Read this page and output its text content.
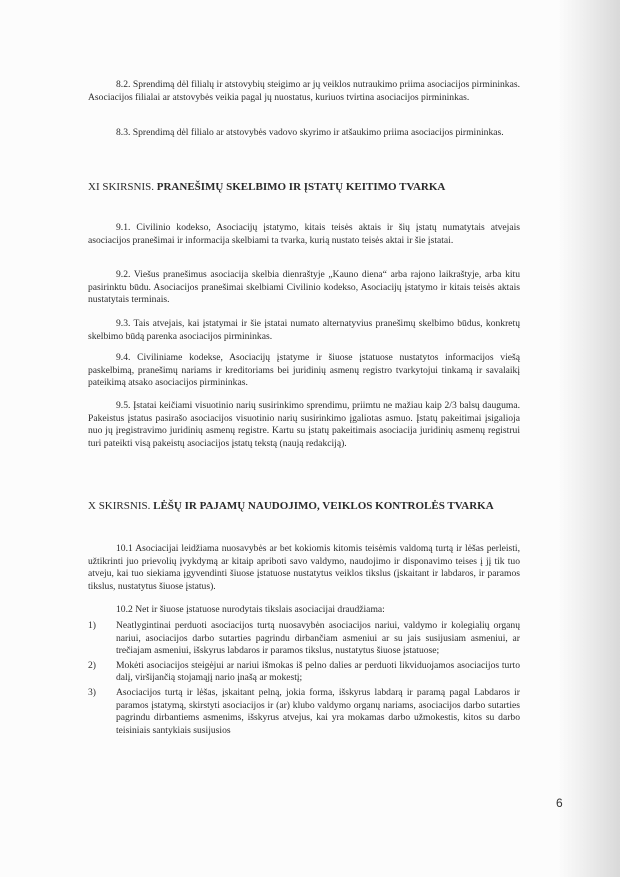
8.2. Sprendimą dėl filialų ir atstovybių steigimo ar jų veiklos nutraukimo priima asociacijos pirmininkas. Asociacijos filialai ar atstovybės veikia pagal jų nuostatus, kuriuos tvirtina asociacijos pirmininkas.

8.3. Sprendimą dėl filialo ar atstovybės vadovo skyrimo ir atšaukimo priima asociacijos pirmininkas.

XI SKIRSNIS. PRANEŠIMŲ SKELBIMO IR ĮSTATŲ KEITIMO TVARKA

9.1. Civilinio kodekso, Asociacijų įstatymo, kitais teisės aktais ir šių įstatų numatytais atvejais asociacijos pranešimai ir informacija skelbiami ta tvarka, kurią nustato teisės aktai ir šie įstatai.

9.2. Viešus pranešimus asociacija skelbia dienraštyje „Kauno diena“ arba rajono laikraštyje, arba kitu pasirinktu būdu. Asociacijos pranešimai skelbiami Civilinio kodekso, Asociacijų įstatymo ir kitais teisės aktais nustatytais terminais.

9.3. Tais atvejais, kai įstatymai ir šie įstatai numato alternatyvius pranešimų skelbimo būdus, konkretų skelbimo būdą parenka asociacijos pirmininkas.

9.4. Civiliniame kodekse, Asociacijų įstatyme ir šiuose įstatuose nustatytos informacijos viešą paskelbimą, pranešimų nariams ir kreditoriams bei juridinių asmenų registro tvarkytojui tinkamą ir savalaikį pateikimą atsako asociacijos pirmininkas.

9.5. Įstatai keičiami visuotinio narių susirinkimo sprendimu, priimtu ne mažiau kaip 2/3 balsų dauguma. Pakeistus įstatus pasirašo asociacijos visuotinio narių susirinkimo įgaliotas asmuo. Įstatų pakeitimai įsigalioja nuo jų įregistravimo juridinių asmenų registre. Kartu su įstatų pakeitimais asociacija juridinių asmenų registrui turi pateikti visą pakeistų asociacijos įstatų tekstą (naują redakciją).

X SKIRSNIS. LĖŠŲ IR PAJAMŲ NAUDOJIMO, VEIKLOS KONTROLĖS TVARKA

10.1 Asociacijai leidžiama nuosavybės ar bet kokiomis kitomis teisėmis valdomą turtą ir lėšas perleisti, užtikrinti juo prievolių įvykdymą ar kitaip apriboti savo valdymo, naudojimo ir disponavimo teises į jį tik tuo atveju, kai tuo siekiama įgyvendinti šiuose įstatuose nustatytus veiklos tikslus (įskaitant ir labdaros, ir paramos tikslus, nustatytus šiuose įstatus).

10.2 Net ir šiuose įstatuose nurodytais tikslais asociacijai draudžiama:

1) Neatlygintinai perduoti asociacijos turtą nuosavybėn asociacijos nariui, valdymo ir kolegialių organų nariui, asociacijos darbo sutarties pagrindu dirbančiam asmeniui ar su jais susijusiam asmeniui, ar trečiajam asmeniui, išskyrus labdaros ir paramos tikslus, nustatytus šiuose įstatuose;
2) Mokėti asociacijos steigėjui ar nariui išmokas iš pelno dalies ar perduoti likviduojamos asociacijos turto dalį, viršijančią stojamąjį nario įnašą ar mokestį;
3) Asociacijos turtą ir lėšas, įskaitant pelną, jokia forma, išskyrus labdarą ir paramą pagal Labdaros ir paramos įstatymą, skirstyti asociacijos ir (ar) klubo valdymo organų nariams, asociacijos darbo sutarties pagrindu dirbantiems asmenims, išskyrus atvejus, kai yra mokamas darbo užmokestis, kitos su darbo teisiniais santykiais susijusios
6
